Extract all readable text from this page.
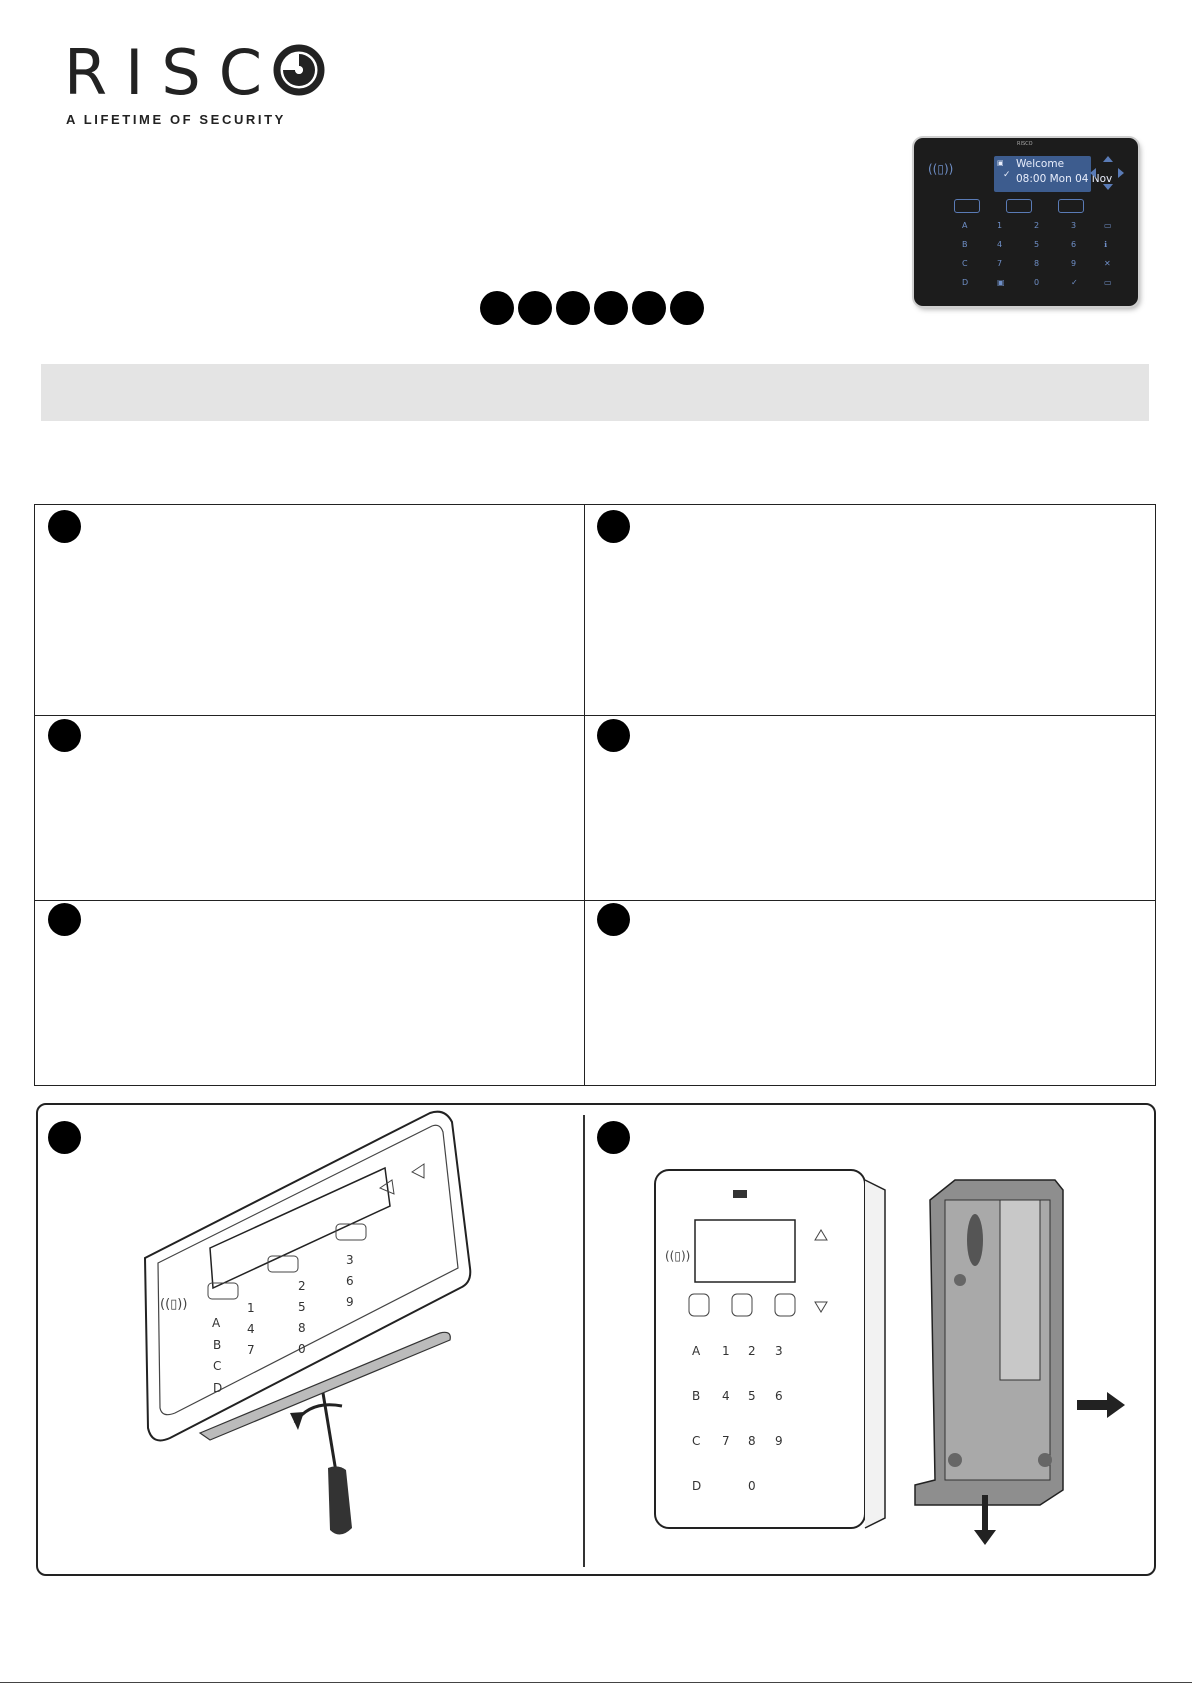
RISC
A LIFETIME OF SECURITY
RISCO
((▯))	▣
✓
Welcome
08:00 Mon 04 Nov
A	1	2	3
B	4	5	6
C	7	8	9
D	0
▭
ℹ
✕
▭
▣	✓
((▯))
A
B
C
D
1
2
3
4
5
6
7
8
9
0
((▯))
A
B
C
D
1 2 3
4 5 6
7 8 9
0
